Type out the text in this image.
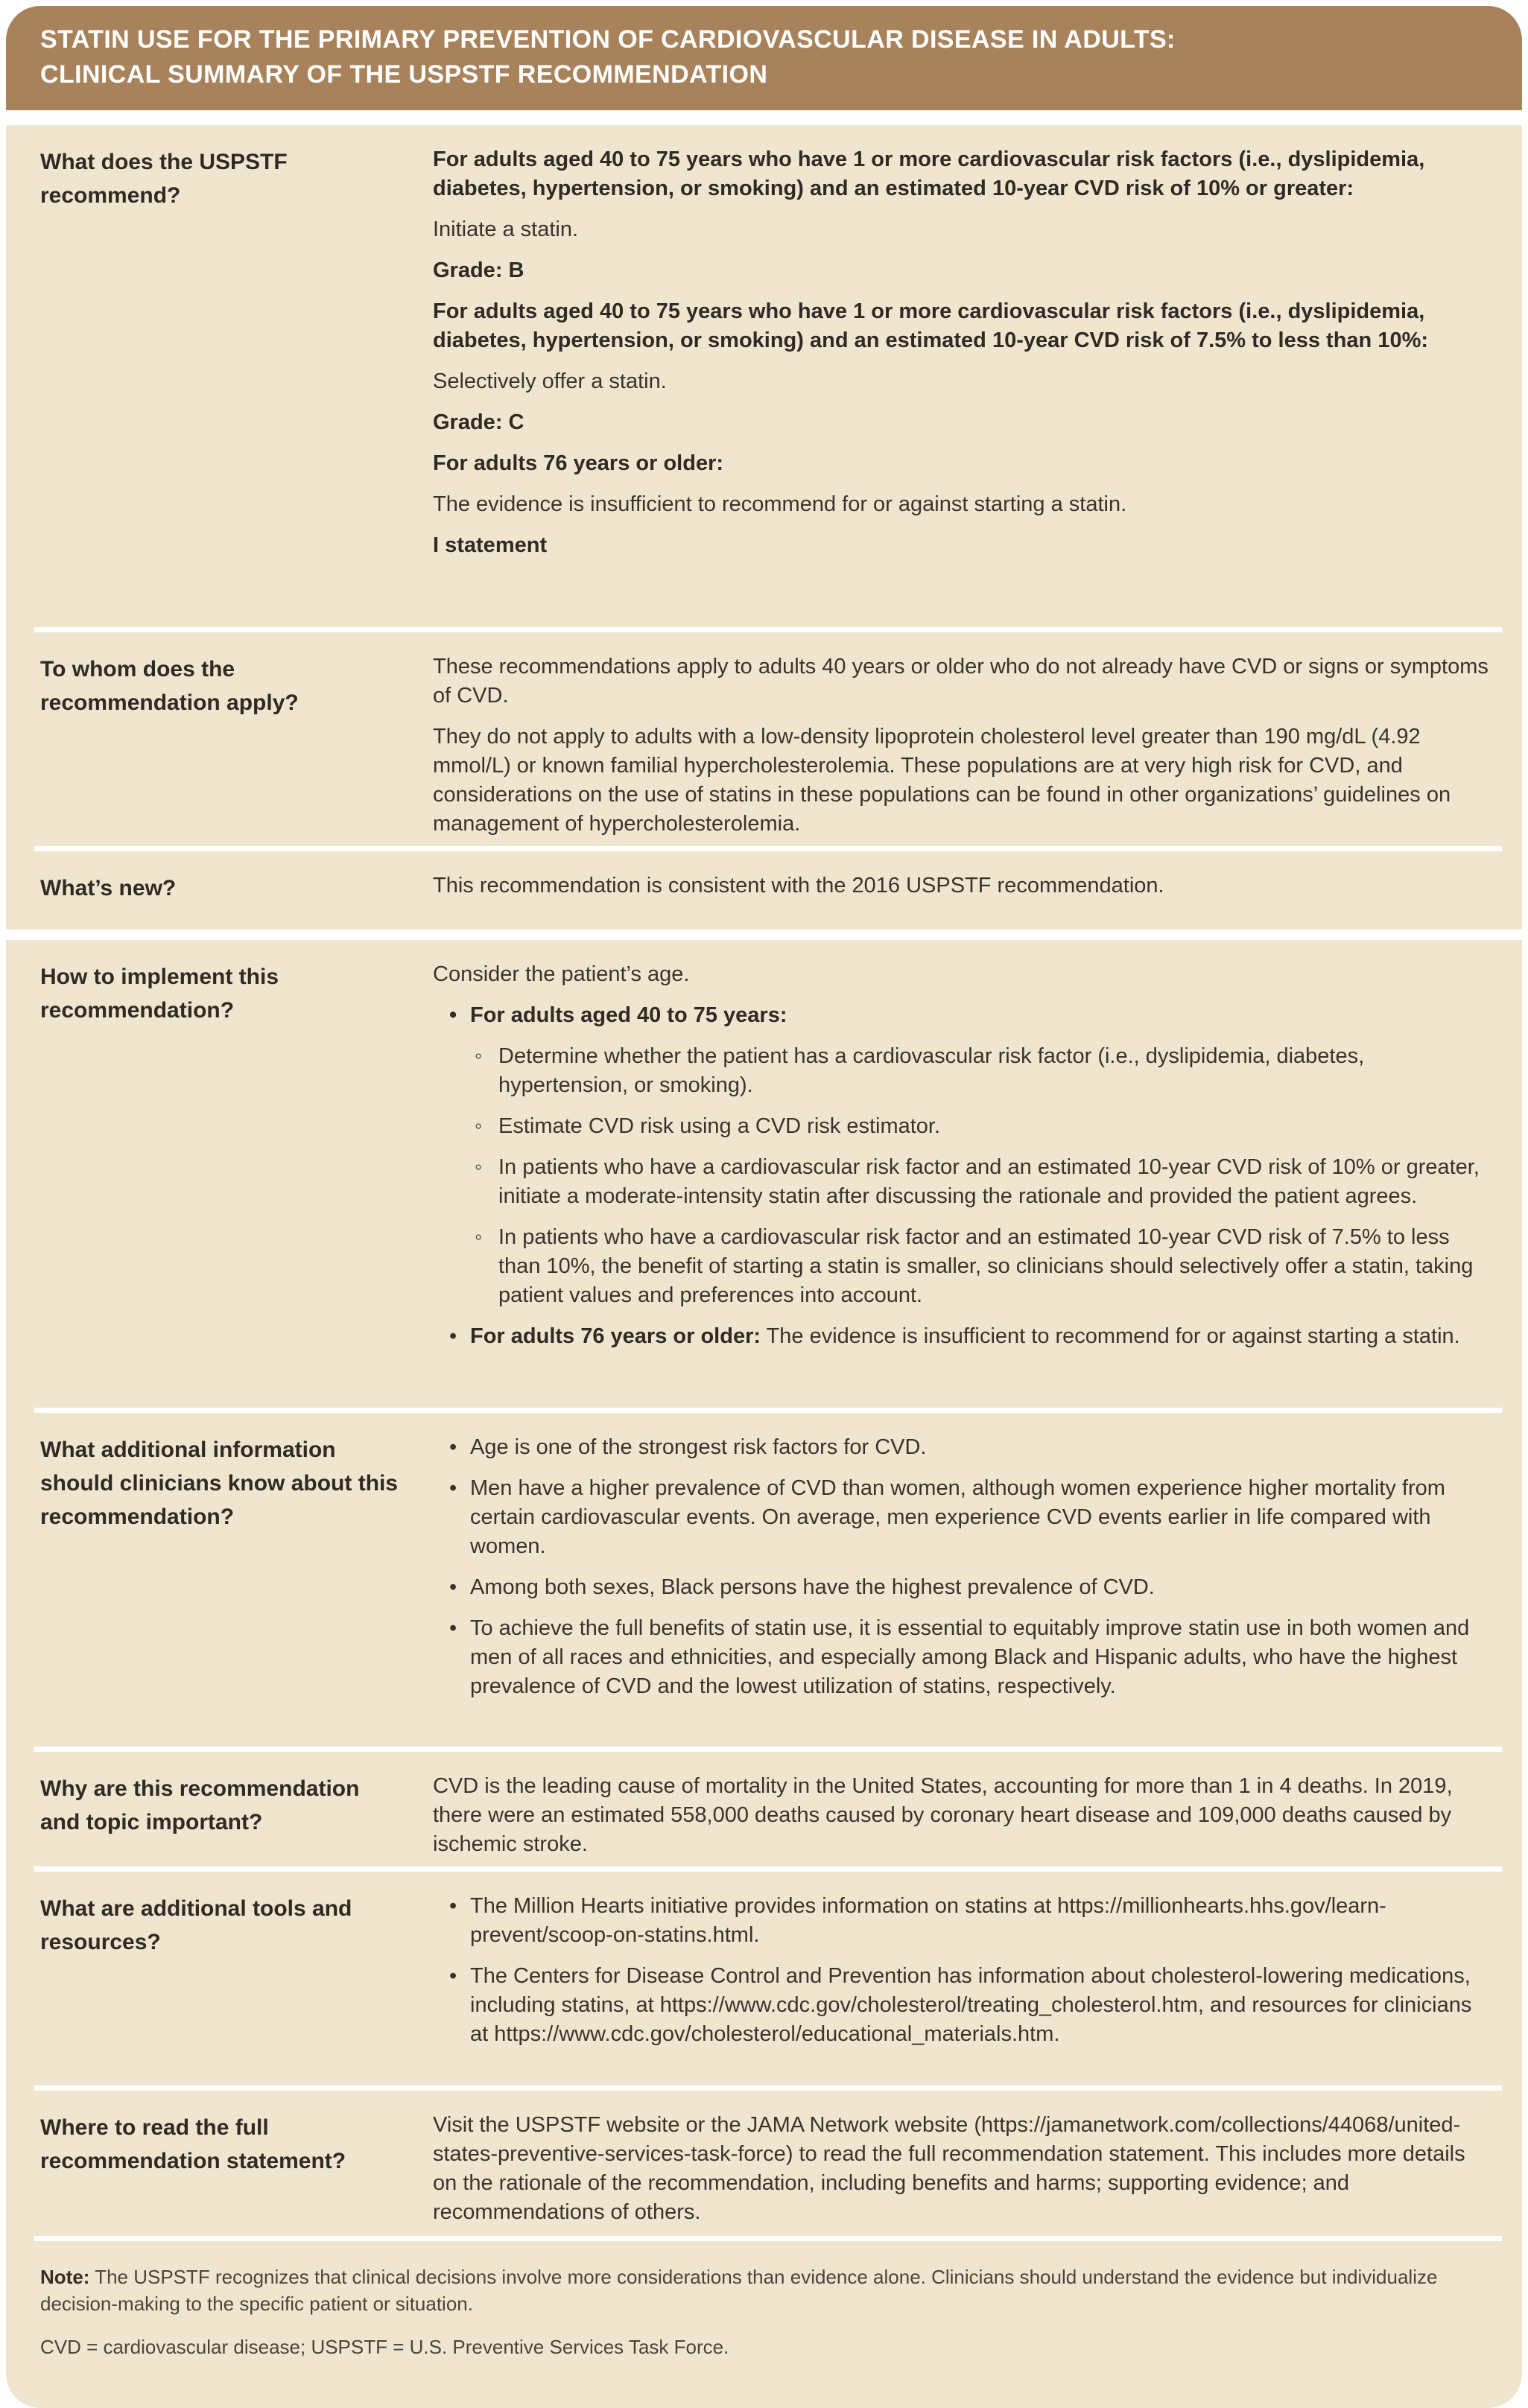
STATIN USE FOR THE PRIMARY PREVENTION OF CARDIOVASCULAR DISEASE IN ADULTS:
CLINICAL SUMMARY OF THE USPSTF RECOMMENDATION
What does the USPSTF recommend?

For adults aged 40 to 75 years who have 1 or more cardiovascular risk factors (i.e., dyslipidemia, diabetes, hypertension, or smoking) and an estimated 10-year CVD risk of 10% or greater:

Initiate a statin.

Grade: B

For adults aged 40 to 75 years who have 1 or more cardiovascular risk factors (i.e., dyslipidemia, diabetes, hypertension, or smoking) and an estimated 10-year CVD risk of 7.5% to less than 10%:

Selectively offer a statin.

Grade: C

For adults 76 years or older:

The evidence is insufficient to recommend for or against starting a statin.

I statement

To whom does the recommendation apply?

These recommendations apply to adults 40 years or older who do not already have CVD or signs or symptoms of CVD.

They do not apply to adults with a low-density lipoprotein cholesterol level greater than 190 mg/dL (4.92 mmol/L) or known familial hypercholesterolemia. These populations are at very high risk for CVD, and considerations on the use of statins in these populations can be found in other organizations’ guidelines on management of hypercholesterolemia.

What’s new?	This recommendation is consistent with the 2016 USPSTF recommendation.

How to implement this recommendation?

Consider the patient’s age.

• For adults aged 40 to 75 years:

◦ Determine whether the patient has a cardiovascular risk factor (i.e., dyslipidemia, diabetes, hypertension, or smoking).

◦ Estimate CVD risk using a CVD risk estimator.

◦ In patients who have a cardiovascular risk factor and an estimated 10-year CVD risk of 10% or greater, initiate a moderate-intensity statin after discussing the rationale and provided the patient agrees.

◦ In patients who have a cardiovascular risk factor and an estimated 10-year CVD risk of 7.5% to less than 10%, the benefit of starting a statin is smaller, so clinicians should selectively offer a statin, taking patient values and preferences into account.

• For adults 76 years or older: The evidence is insufficient to recommend for or against starting a statin.

What additional information should clinicians know about this recommendation?

• Age is one of the strongest risk factors for CVD.

• Men have a higher prevalence of CVD than women, although women experience higher mortality from certain cardiovascular events. On average, men experience CVD events earlier in life compared with women.

• Among both sexes, Black persons have the highest prevalence of CVD.

• To achieve the full benefits of statin use, it is essential to equitably improve statin use in both women and men of all races and ethnicities, and especially among Black and Hispanic adults, who have the highest prevalence of CVD and the lowest utilization of statins, respectively.

Why are this recommendation and topic important?

CVD is the leading cause of mortality in the United States, accounting for more than 1 in 4 deaths. In 2019, there were an estimated 558,000 deaths caused by coronary heart disease and 109,000 deaths caused by ischemic stroke.

What are additional tools and resources?

• The Million Hearts initiative provides information on statins at https://millionhearts.hhs.gov/learn-prevent/scoop-on-statins.html.

• The Centers for Disease Control and Prevention has information about cholesterol-lowering medications, including statins, at https://www.cdc.gov/cholesterol/treating_cholesterol.htm, and resources for clinicians at https://www.cdc.gov/cholesterol/educational_materials.htm.

Where to read the full recommendation statement?

Visit the USPSTF website or the JAMA Network website (https://jamanetwork.com/collections/44068/united-states-preventive-services-task-force) to read the full recommendation statement. This includes more details on the rationale of the recommendation, including benefits and harms; supporting evidence; and recommendations of others.

Note: The USPSTF recognizes that clinical decisions involve more considerations than evidence alone. Clinicians should understand the evidence but individualize decision-making to the specific patient or situation.

CVD = cardiovascular disease; USPSTF = U.S. Preventive Services Task Force.
